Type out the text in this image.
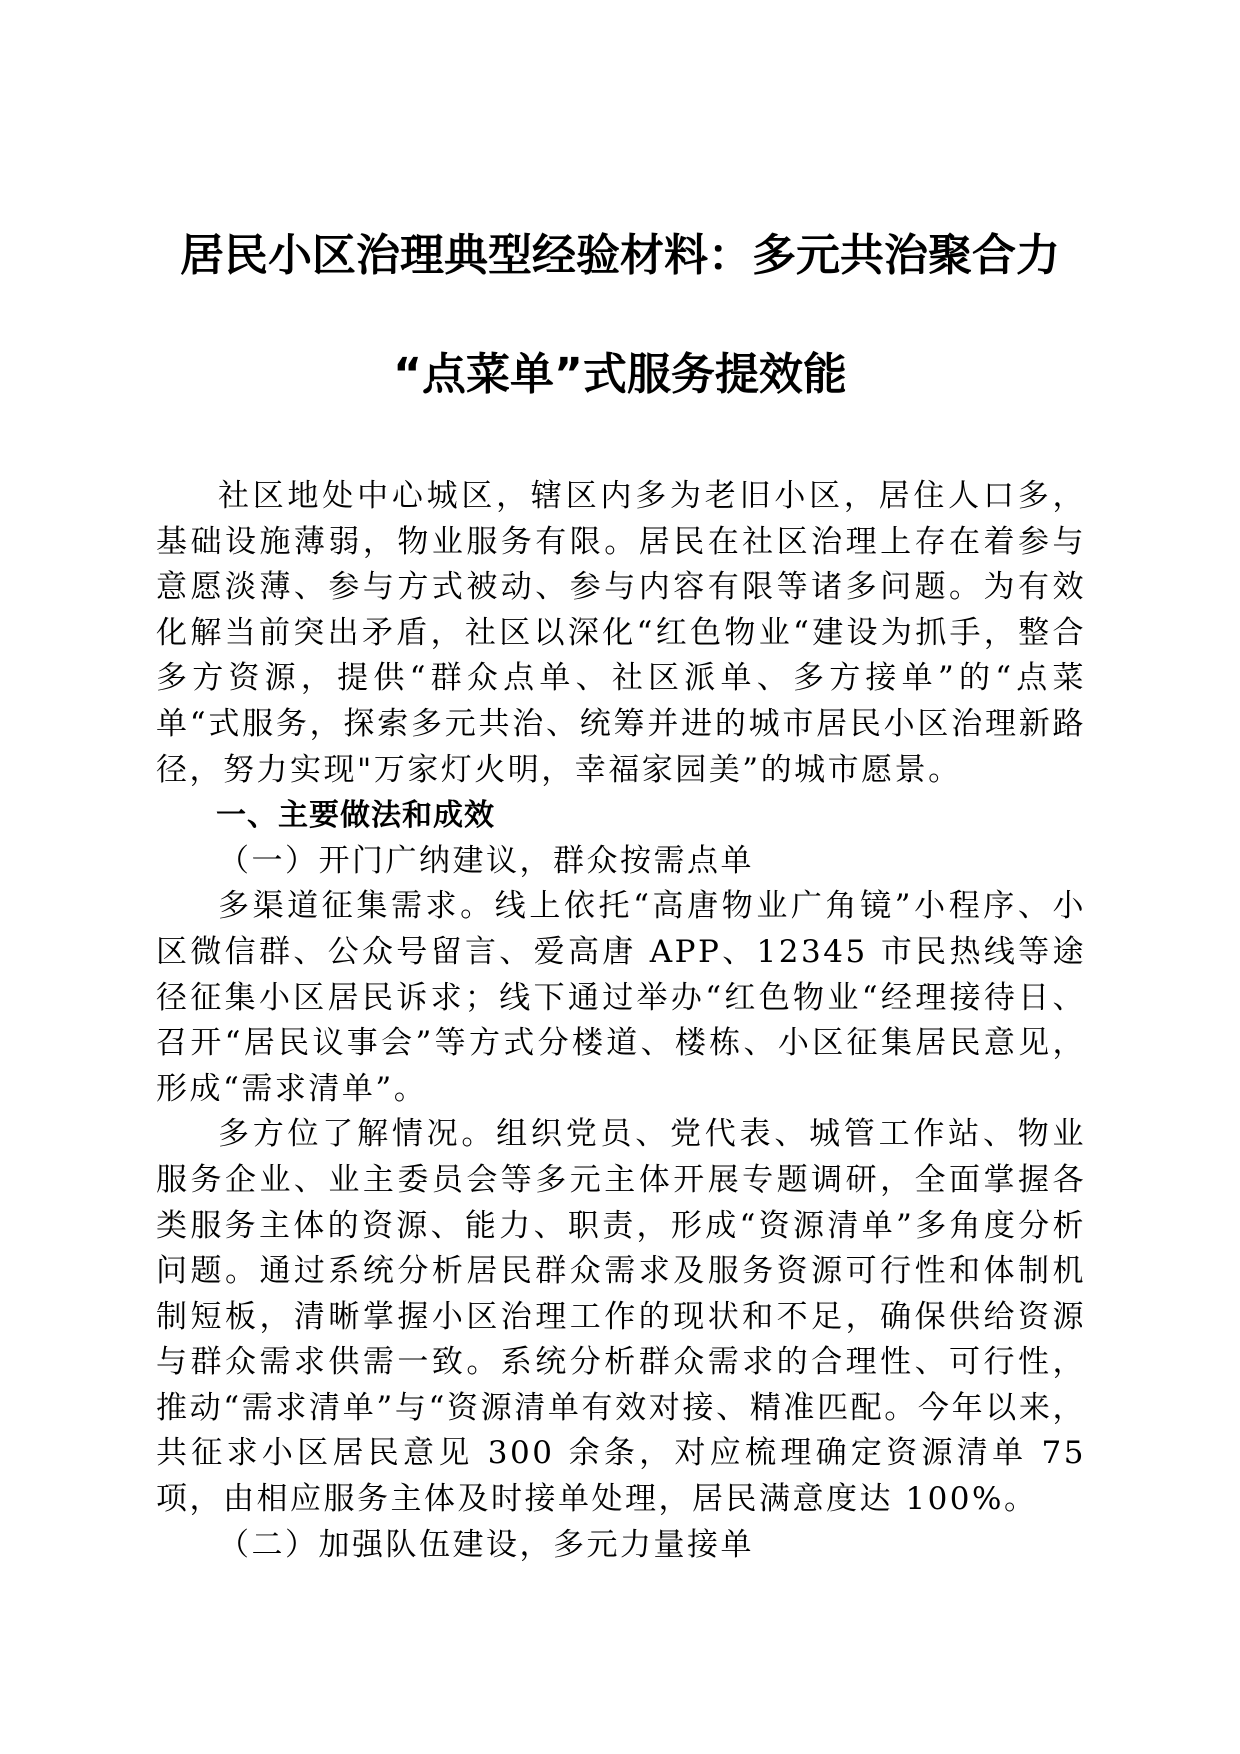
居民小区治理典型经验材料：多元共治聚合力
“点菜单”式服务提效能

社区地处中心城区，辖区内多为老旧小区，居住人口多，基础设施薄弱，物业服务有限。居民在社区治理上存在着参与意愿淡薄、参与方式被动、参与内容有限等诸多问题。为有效化解当前突出矛盾，社区以深化“红色物业“建设为抓手，整合多方资源，提供“群众点单、社区派单、多方接单”的“点菜单“式服务，探索多元共治、统筹并进的城市居民小区治理新路径，努力实现"万家灯火明，幸福家园美”的城市愿景。

一、主要做法和成效
（一）开门广纳建议，群众按需点单

多渠道征集需求。线上依托“高唐物业广角镜”小程序、小区微信群、公众号留言、爱高唐 APP、12345 市民热线等途径征集小区居民诉求；线下通过举办“红色物业“经理接待日、召开“居民议事会”等方式分楼道、楼栋、小区征集居民意见，形成“需求清单”。

多方位了解情况。组织党员、党代表、城管工作站、物业服务企业、业主委员会等多元主体开展专题调研，全面掌握各类服务主体的资源、能力、职责，形成“资源清单”多角度分析问题。通过系统分析居民群众需求及服务资源可行性和体制机制短板，清晰掌握小区治理工作的现状和不足，确保供给资源与群众需求供需一致。系统分析群众需求的合理性、可行性，推动“需求清单”与“资源清单有效对接、精准匹配。今年以来，共征求小区居民意见 300 余条，对应梳理确定资源清单 75 项，由相应服务主体及时接单处理，居民满意度达 100%。

（二）加强队伍建设，多元力量接单
